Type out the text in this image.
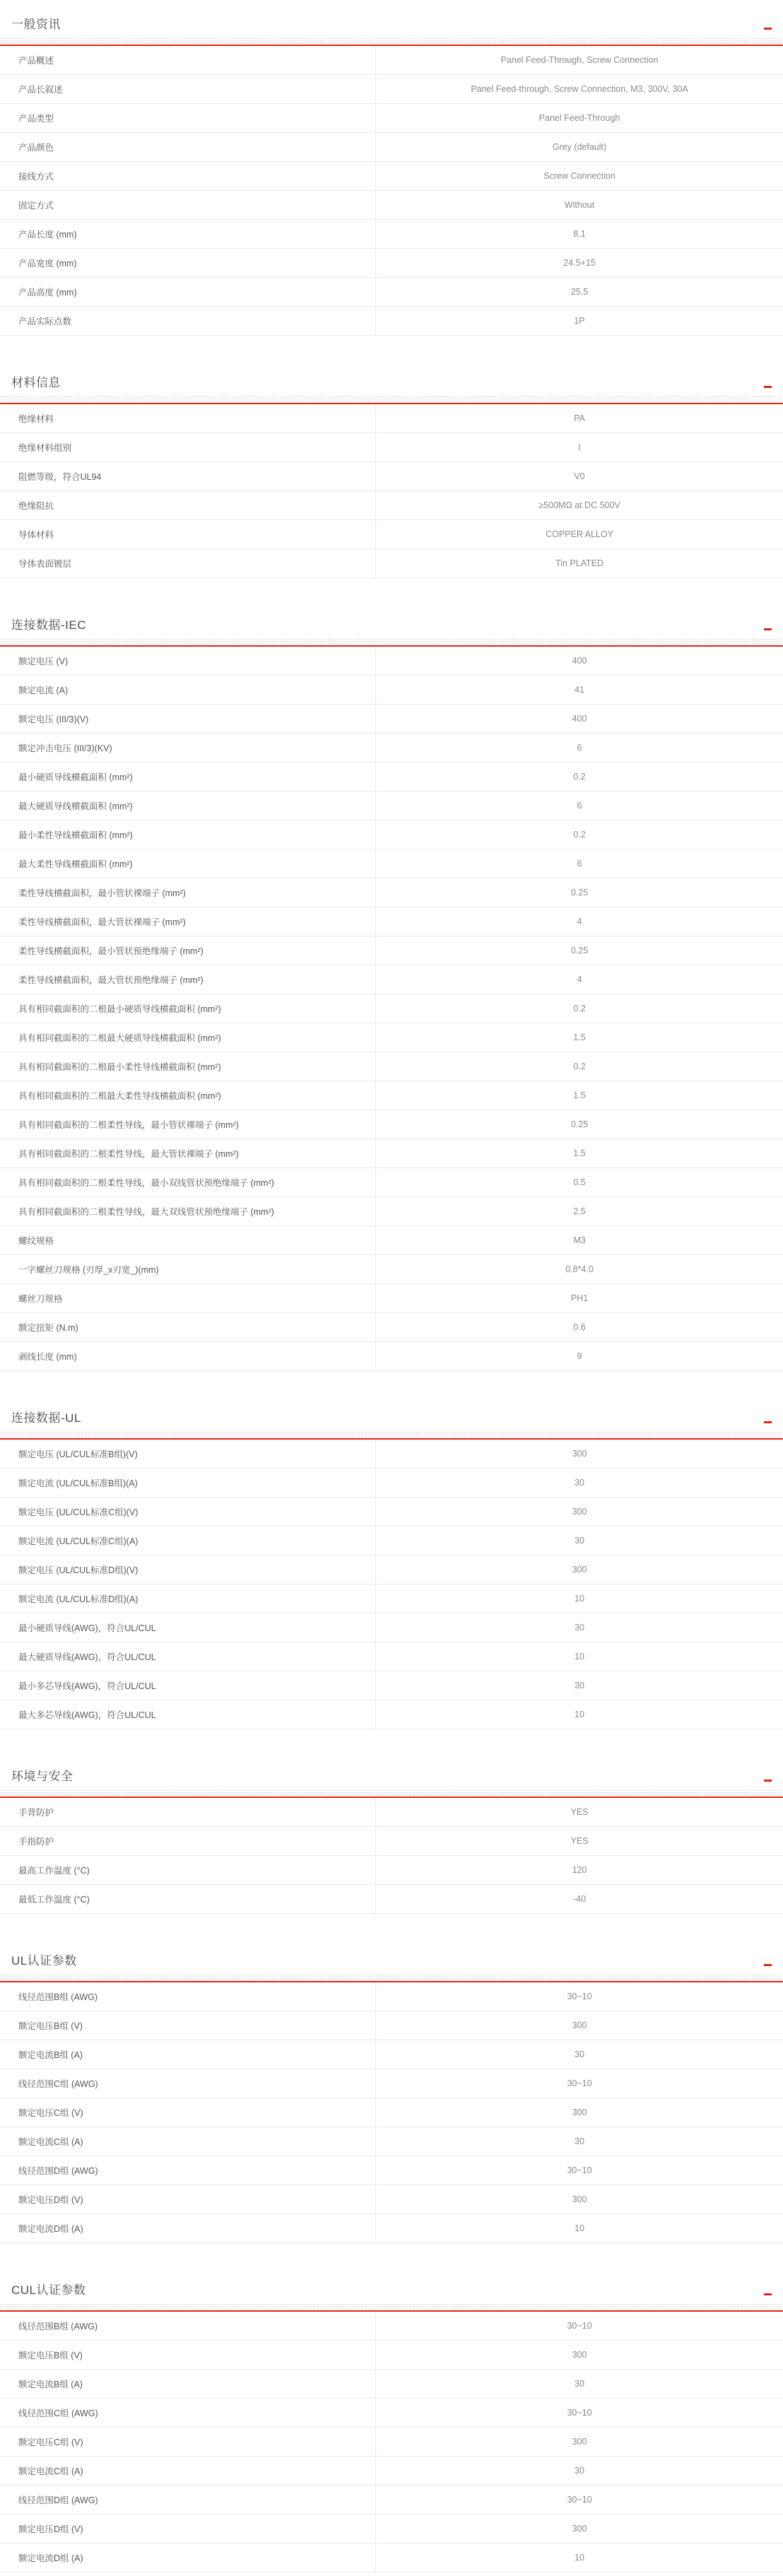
一般资讯
产品概述	Panel Feed-Through, Screw Connection
产品长叙述	Panel Feed-through, Screw Connection, M3, 300V, 30A
产品类型	Panel Feed-Through
产品颜色	Grey (default)
接线方式	Screw Connection
固定方式	Without
产品长度 (mm)	8.1
产品宽度 (mm)	24.5+15
产品高度 (mm)	25.5
产品实际点数	1P
材料信息
绝缘材料	PA
绝缘材料组别	I
阻燃等级，符合UL94	V0
绝缘阻抗	≥500MΩ at DC 500V
导体材料	COPPER ALLOY
导体表面镀层	Tin PLATED
连接数据-IEC
额定电压 (V)	400
额定电流 (A)	41
额定电压 (III/3)(V)	400
额定冲击电压 (III/3)(KV)	6
最小硬质导线横截面积 (mm²)	0.2
最大硬质导线横截面积 (mm²)	6
最小柔性导线横截面积 (mm²)	0.2
最大柔性导线横截面积 (mm²)	6
柔性导线横截面积，最小管状裸端子 (mm²)	0.25
柔性导线横截面积，最大管状裸端子 (mm²)	4
柔性导线横截面积，最小管状预绝缘端子 (mm²)	0.25
柔性导线横截面积，最大管状预绝缘端子 (mm²)	4
具有相同截面积的二根最小硬质导线横截面积 (mm²)	0.2
具有相同截面积的二根最大硬质导线横截面积 (mm²)	1.5
具有相同截面积的二根最小柔性导线横截面积 (mm²)	0.2
具有相同截面积的二根最大柔性导线横截面积 (mm²)	1.5
具有相同截面积的二根柔性导线，最小管状裸端子 (mm²)	0.25
具有相同截面积的二根柔性导线，最大管状裸端子 (mm²)	1.5
具有相同截面积的二根柔性导线，最小双线管状预绝缘端子 (mm²)	0.5
具有相同截面积的二根柔性导线，最大双线管状预绝缘端子 (mm²)	2.5
螺纹规格	M3
一字螺丝刀规格 (刃厚_x刃宽_)(mm)	0.8*4.0
螺丝刀规格	PH1
额定扭矩 (N.m)	0.6
剥线长度 (mm)	9
连接数据-UL
额定电压 (UL/CUL标准B组)(V)	300
额定电流 (UL/CUL标准B组)(A)	30
额定电压 (UL/CUL标准C组)(V)	300
额定电流 (UL/CUL标准C组)(A)	30
额定电压 (UL/CUL标准D组)(V)	300
额定电流 (UL/CUL标准D组)(A)	10
最小硬质导线(AWG)，符合UL/CUL	30
最大硬质导线(AWG)，符合UL/CUL	10
最小多芯导线(AWG)，符合UL/CUL	30
最大多芯导线(AWG)，符合UL/CUL	10
环境与安全
手背防护	YES
手指防护	YES
最高工作温度 (°C)	120
最低工作温度 (°C)	-40
UL认证参数
线径范围B组 (AWG)	30~10
额定电压B组 (V)	300
额定电流B组 (A)	30
线径范围C组 (AWG)	30~10
额定电压C组 (V)	300
额定电流C组 (A)	30
线径范围D组 (AWG)	30~10
额定电压D组 (V)	300
额定电流D组 (A)	10
CUL认证参数
线径范围B组 (AWG)	30~10
额定电压B组 (V)	300
额定电流B组 (A)	30
线径范围C组 (AWG)	30~10
额定电压C组 (V)	300
额定电流C组 (A)	30
线径范围D组 (AWG)	30~10
额定电压D组 (V)	300
额定电流D组 (A)	10
